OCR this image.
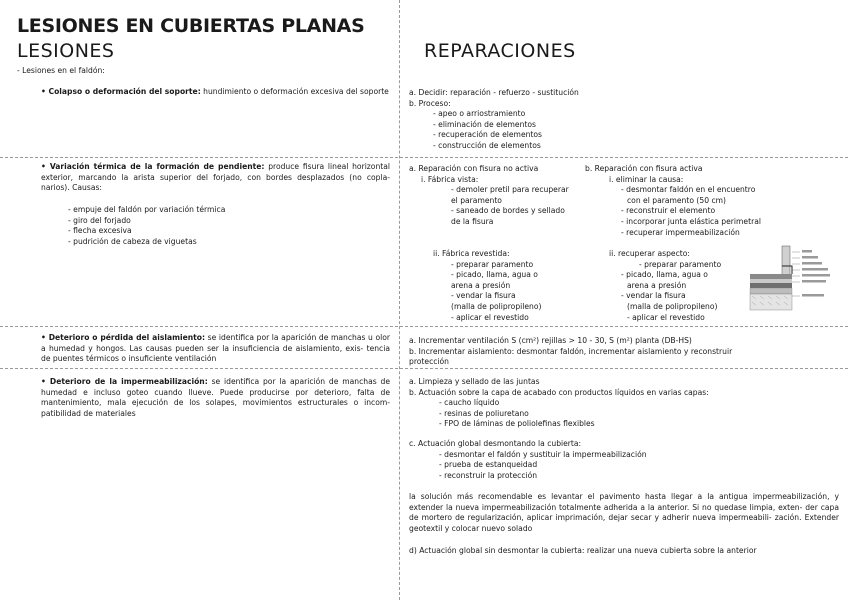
LESIONES EN CUBIERTAS PLANAS
LESIONES	REPARACIONES
- Lesiones en el faldón:
• Colapso o deformación del soporte: hundimiento o deformación excesiva del soporte	a. Decidir: reparación - refuerzo - sustitución
b. Proceso:
- apeo o arriostramiento
- eliminación de elementos
- recuperación de elementos
- construcción de elementos
• Variación térmica de la formación de pendiente: produce fisura lineal horizontal exterior, marcando la arista superior del forjado, con bordes desplazados (no copla- narios). Causas:
- empuje del faldón por variación térmica
- giro del forjado
- flecha excesiva
- pudrición de cabeza de viguetas
a. Reparación con fisura no activa
i. Fábrica vista:
- demoler pretil para recuperar
el paramento
- saneado de bordes y sellado
de la fisura
ii. Fábrica revestida:
- preparar paramento
- picado, llama, agua o
arena a presión
- vendar la fisura
(malla de polipropileno)
- aplicar el revestido
b. Reparación con fisura activa
i. eliminar la causa:
- desmontar faldón en el encuentro
con el paramento (50 cm)
- reconstruir el elemento
- incorporar junta elástica perimetral
- recuperar impermeabilización
ii. recuperar aspecto:
- preparar paramento
- picado, llama, agua o
arena a presión
- vendar la fisura
(malla de polipropileno)
- aplicar el revestido
• Deterioro o pérdida del aislamiento: se identifica por la aparición de manchas u olor a humedad y hongos. Las causas pueden ser la insuficiencia de aislamiento, exis- tencia de puentes térmicos o insuficiente ventilación
a. Incrementar ventilación S (cm²) rejillas > 10 - 30, S (m²) planta (DB-HS)
b. Incrementar aislamiento: desmontar faldón, incrementar aislamiento y reconstruir
protección
• Deterioro de la impermeabilización: se identifica por la aparición de manchas de humedad e incluso goteo cuando llueve. Puede producirse por deterioro, falta de mantenimiento, mala ejecución de los solapes, movimientos estructurales o incom- patibilidad de materiales
a. Limpieza y sellado de las juntas
b. Actuación sobre la capa de acabado con productos líquidos en varias capas:
- caucho líquido
- resinas de poliuretano
- FPO de láminas de poliolefinas flexibles
c. Actuación global desmontando la cubierta:
- desmontar el faldón y sustituir la impermeabilización
- prueba de estanqueidad
- reconstruir la protección
la solución más recomendable es levantar el pavimento hasta llegar a la antigua impermeabilización, y extender la nueva impermeabilización totalmente adherida a la anterior. Si no quedase limpia, exten- der capa de mortero de regularización, aplicar imprimación, dejar secar y adherir nueva impermeabili- zación. Extender geotextil y colocar nuevo solado
d) Actuación global sin desmontar la cubierta: realizar una nueva cubierta sobre la anterior
